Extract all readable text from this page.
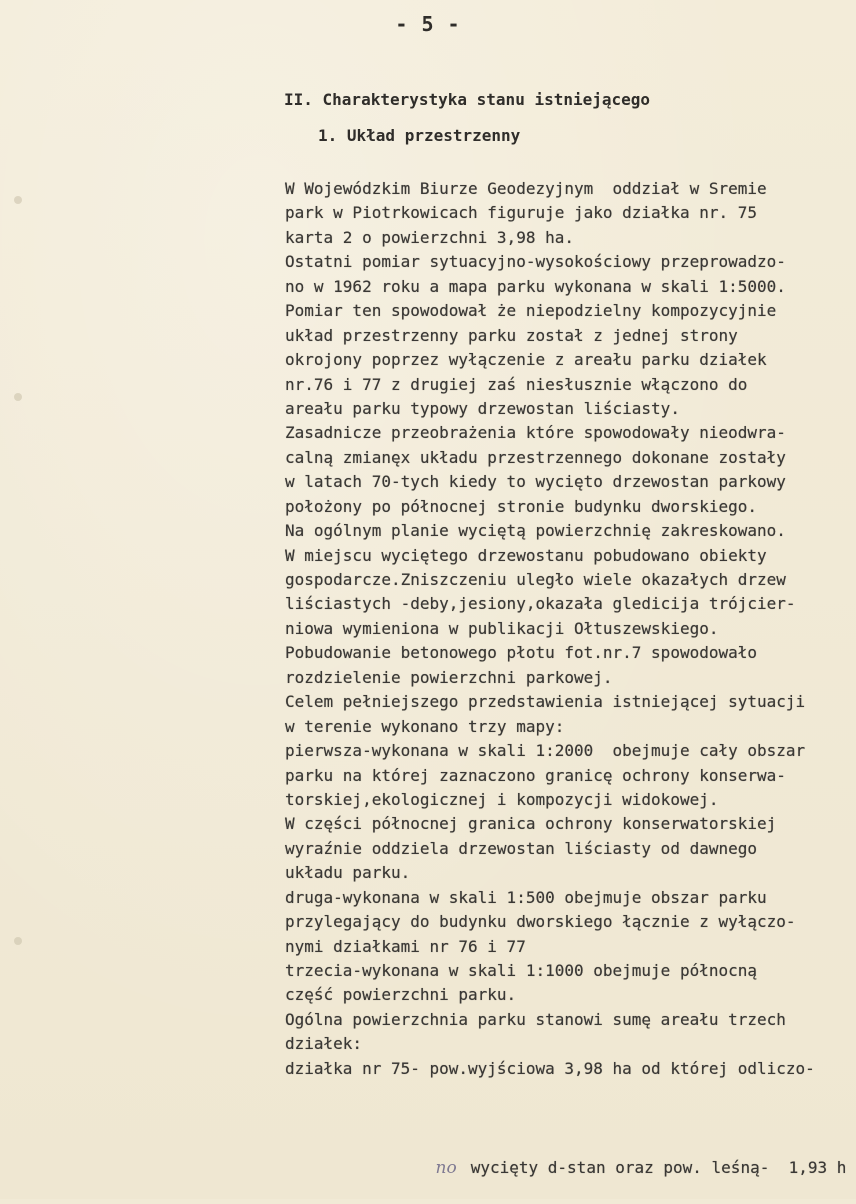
- 5 -
II. Charakterystyka stanu istniejącego
1. Układ przestrzenny
W Wojewódzkim Biurze Geodezyjnym  oddział w Sremie
park w Piotrkowicach figuruje jako działka nr. 75
karta 2 o powierzchni 3,98 ha.
Ostatni pomiar sytuacyjno-wysokościowy przeprowadzo-
no w 1962 roku a mapa parku wykonana w skali 1:5000.
Pomiar ten spowodował że niepodzielny kompozycyjnie
układ przestrzenny parku został z jednej strony
okrojony poprzez wyłączenie z areału parku działek
nr.76 i 77 z drugiej zaś niesłusznie włączono do
areału parku typowy drzewostan liściasty.
Zasadnicze przeobrażenia które spowodowały nieodwra-
calną zmianęx układu przestrzennego dokonane zostały
w latach 70-tych kiedy to wycięto drzewostan parkowy
położony po północnej stronie budynku dworskiego.
Na ogólnym planie wyciętą powierzchnię zakreskowano.
W miejscu wyciętego drzewostanu pobudowano obiekty
gospodarcze.Zniszczeniu uległo wiele okazałych drzew
liściastych -deby,jesiony,okazała gledicija trójcier-
niowa wymieniona w publikacji Ołtuszewskiego.
Pobudowanie betonowego płotu fot.nr.7 spowodowało
rozdzielenie powierzchni parkowej.
Celem pełniejszego przedstawienia istniejącej sytuacji
w terenie wykonano trzy mapy:
pierwsza-wykonana w skali 1:2000  obejmuje cały obszar
parku na której zaznaczono granicę ochrony konserwa-
torskiej,ekologicznej i kompozycji widokowej.
W części północnej granica ochrony konserwatorskiej
wyraźnie oddziela drzewostan liściasty od dawnego
układu parku.
druga-wykonana w skali 1:500 obejmuje obszar parku
przylegający do budynku dworskiego łącznie z wyłączo-
nymi działkami nr 76 i 77
trzecia-wykonana w skali 1:1000 obejmuje północną
część powierzchni parku.
Ogólna powierzchnia parku stanowi sumę areału trzech
działek:
działka nr 75- pow.wyjściowa 3,98 ha od której odliczo-

no wycięty d-stan oraz pow. leśną-  1,93 h
